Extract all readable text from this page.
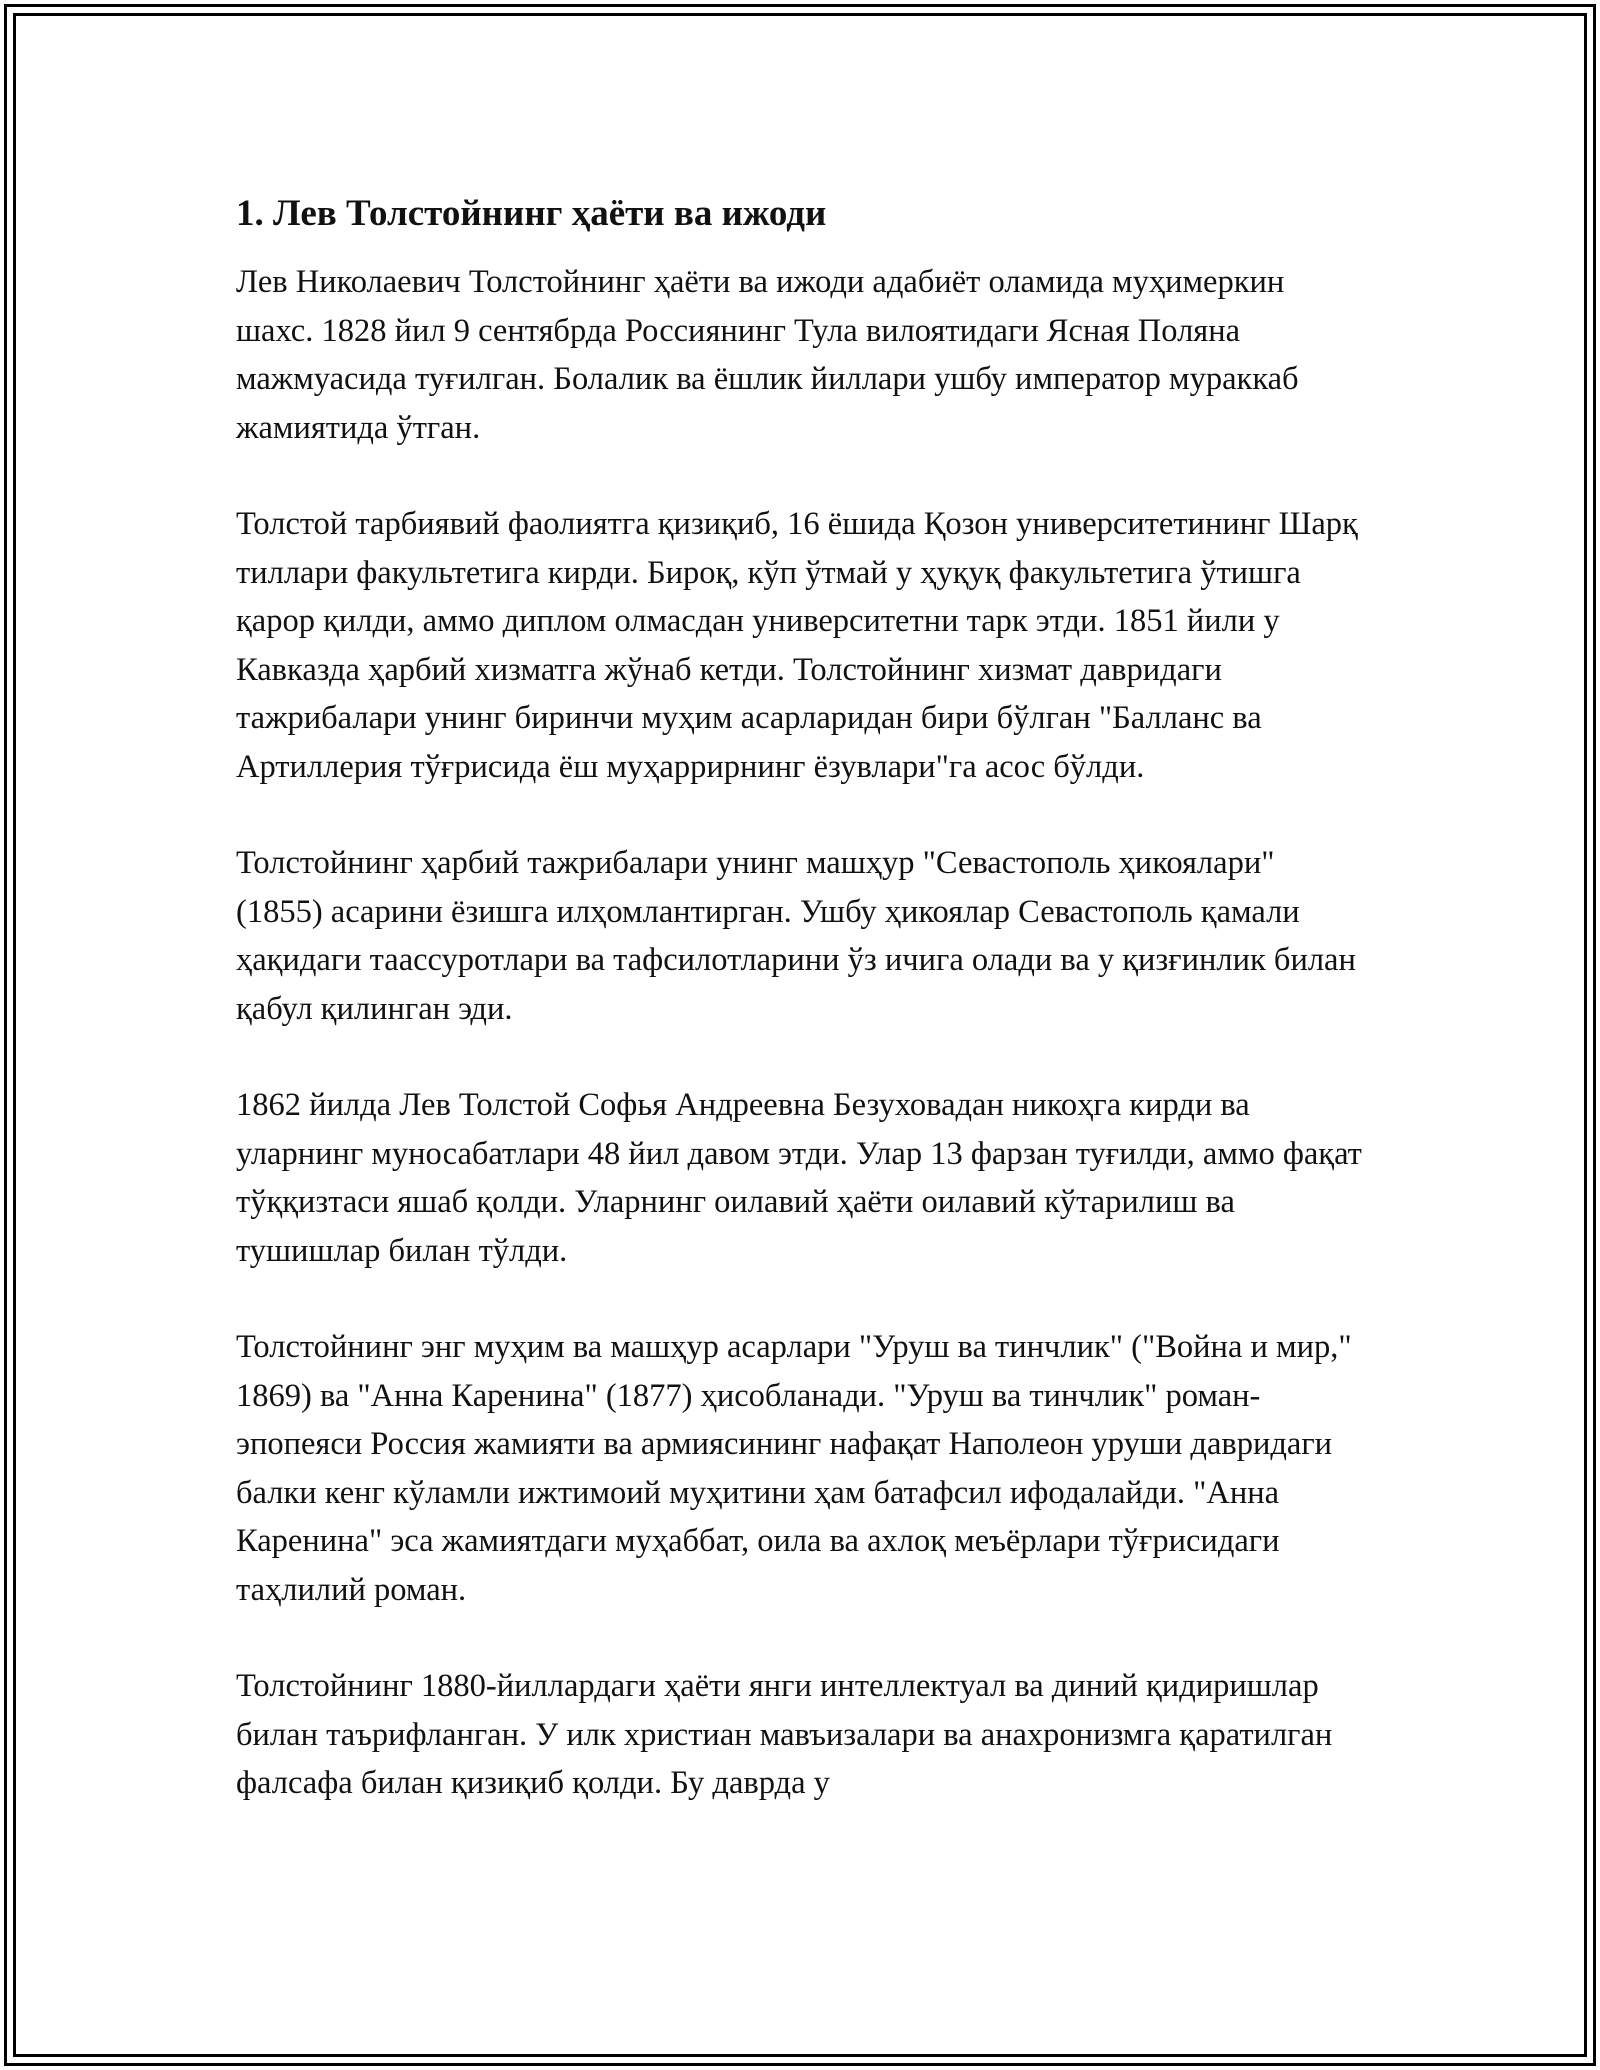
1. Лев Толстойнинг ҳаёти ва ижоди

Лев Николаевич Толстойнинг ҳаёти ва ижоди адабиёт оламида муҳимеркин шахс. 1828 йил 9 сентябрда Россиянинг Тула вилоятидаги Ясная Поляна мажмуасида туғилган. Болалик ва ёшлик йиллари ушбу император мураккаб жамиятида ўтган.

Толстой тарбиявий фаолиятга қизиқиб, 16 ёшида Қозон университетининг Шарқ тиллари факультетига кирди. Бироқ, кўп ўтмай у ҳуқуқ факультетига ўтишга қарор қилди, аммо диплом олмасдан университетни тарк этди. 1851 йили у Кавказда ҳарбий хизматга жўнаб кетди. Толстойнинг хизмат давридаги тажрибалари унинг биринчи муҳим асарларидан бири бўлган "Балланс ва Артиллерия тўғрисида ёш муҳаррирнинг ёзувлари"га асос бўлди.

Толстойнинг ҳарбий тажрибалари унинг машҳур "Севастополь ҳикоялари" (1855) асарини ёзишга илҳомлантирган. Ушбу ҳикоялар Севастополь қамали ҳақидаги таассуротлари ва тафсилотларини ўз ичига олади ва у қизғинлик билан қабул қилинган эди.

1862 йилда Лев Толстой Софья Андреевна Безуховадан никоҳга кирди ва уларнинг муносабатлари 48 йил давом этди. Улар 13 фарзан туғилди, аммо фақат тўққизтаси яшаб қолди. Уларнинг оилавий ҳаёти оилавий кўтарилиш ва тушишлар билан тўлди.

Толстойнинг энг муҳим ва машҳур асарлари "Уруш ва тинчлик" ("Война и мир," 1869) ва "Анна Каренина" (1877) ҳисобланади. "Уруш ва тинчлик" роман-эпопеяси Россия жамияти ва армиясининг нафақат Наполеон уруши давридаги балки кенг кўламли ижтимоий муҳитини ҳам батафсил ифодалайди. "Анна Каренина" эса жамиятдаги муҳаббат, оила ва ахлоқ меъёрлари тўғрисидаги таҳлилий роман.

Толстойнинг 1880-йиллардаги ҳаёти янги интеллектуал ва диний қидиришлар билан таърифланган. У илк христиан мавъизалари ва анахронизмга қаратилган фалсафа билан қизиқиб қолди. Бу даврда у
